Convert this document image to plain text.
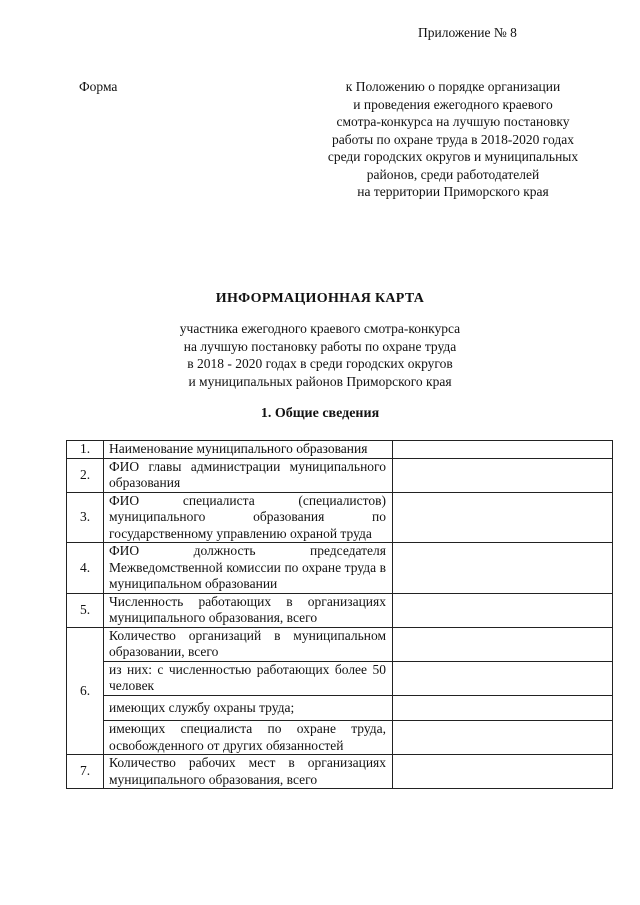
Приложение № 8
Форма	к Положению о порядке организации
и проведения ежегодного краевого
смотра-конкурса на лучшую постановку
работы по охране труда в 2018-2020 годах
среди городских округов и муниципальных
районов, среди работодателей
на территории Приморского края
ИНФОРМАЦИОННАЯ КАРТА
участника ежегодного краевого смотра-конкурса
на лучшую постановку работы по охране труда
в 2018 - 2020 годах в среди городских округов
и муниципальных районов Приморского края
1. Общие сведения
1.	Наименование муниципального образования	
2.	ФИО главы администрации муниципального образования	
3.	ФИО специалиста (специалистов) муниципального образования по государственному управлению охраной труда	
4.	ФИО должность председателя Межведомственной комиссии по охране труда в муниципальном образовании	
5.	Численность работающих в организациях муниципального образования, всего	
6.	Количество организаций в муниципальном образовании, всего	
	из них: с численностью работающих более 50 человек	
	имеющих службу охраны труда;	
	имеющих специалиста по охране труда, освобожденного от других обязанностей	
7.	Количество рабочих мест в организациях муниципального образования, всего	
